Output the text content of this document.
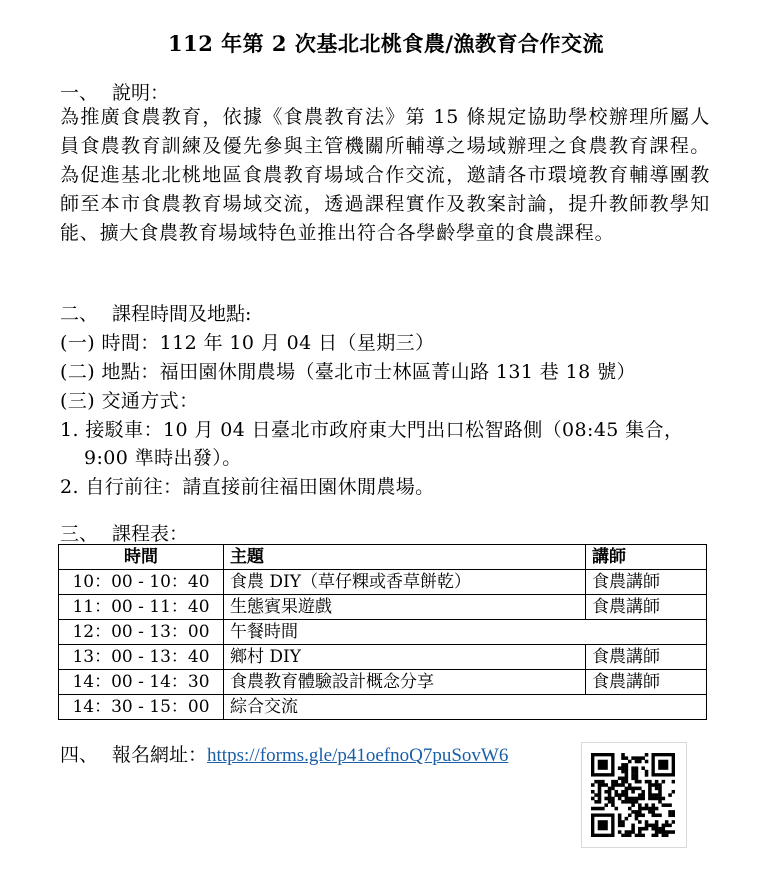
112 年第 2 次基北北桃食農/漁教育合作交流
一、 說明：
為推廣食農教育，依據《食農教育法》第 15 條規定協助學校辦理所屬人員食農教育訓練及優先參與主管機關所輔導之場域辦理之食農教育課程。為促進基北北桃地區食農教育場域合作交流，邀請各市環境教育輔導團教師至本市食農教育場域交流，透過課程實作及教案討論，提升教師教學知能、擴大食農教育場域特色並推出符合各學齡學童的食農課程。
二、 課程時間及地點:
(一) 時間：112 年 10 月 04 日（星期三）
(二) 地點：福田園休閒農場（臺北市士林區菁山路 131 巷 18 號）
(三) 交通方式：
1. 接駁車：10 月 04 日臺北市政府東大門出口松智路側（08:45 集合，
9:00 準時出發）。
2. 自行前往：請直接前往福田園休閒農場。
三、 課程表：
時間	主題	講師
10：00 - 10：40	食農 DIY（草仔粿或香草餅乾）	食農講師
11：00 - 11：40	生態賓果遊戲	食農講師
12：00 - 13：00	午餐時間	
13：00 - 13：40	鄉村 DIY	食農講師
14：00 - 14：30	食農教育體驗設計概念分享	食農講師
14：30 - 15：00	綜合交流	
四、 報名網址：https://forms.gle/p41oefnoQ7puSovW6
